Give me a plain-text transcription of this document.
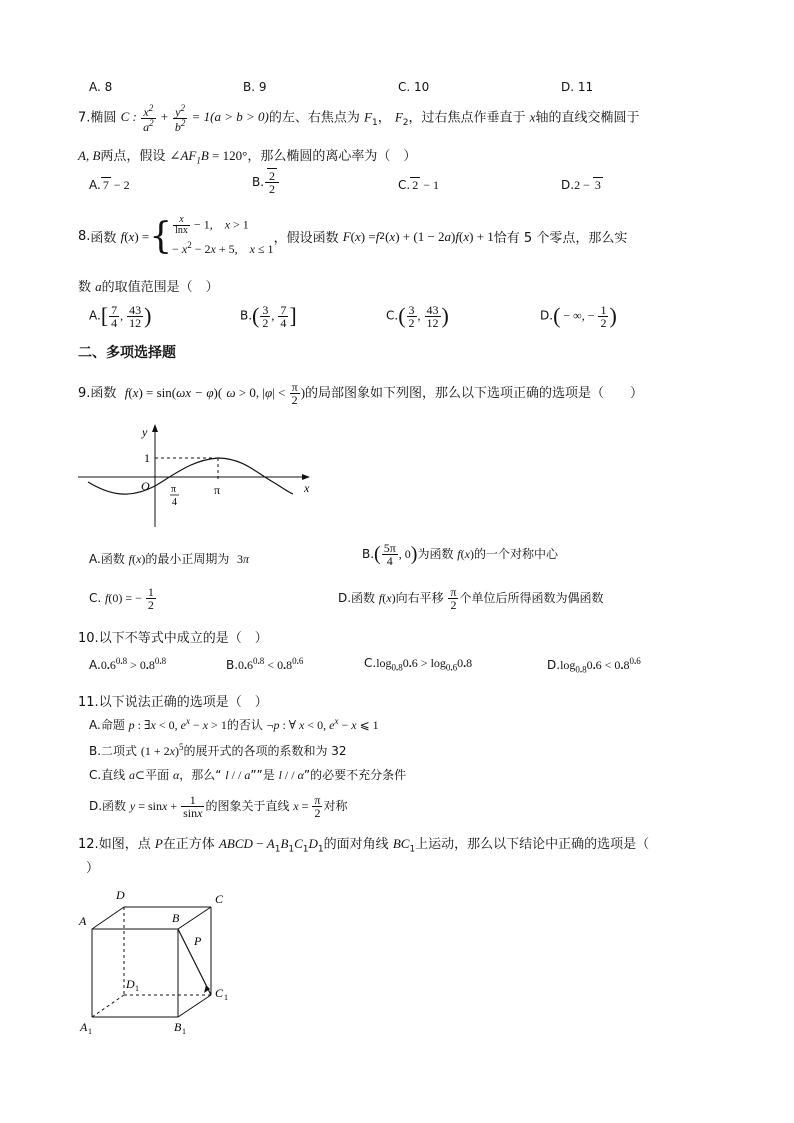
A. 8	B. 9	C. 10	D. 11
7.椭圆 C : $\frac{x^2}{a^2} + \frac{y^2}{b^2} = 1(a > b > 0)$的左、右焦点为 $F_1$， $F_2$，过右焦点作垂直于 x轴的直线交椭圆于
A, B两点，假设 $\angle AF_1B = 120^\circ$，那么椭圆的离心率为（　）
A. 7 − 2	B. $\frac{2}{2}$	C. 2 − 1	D.2 − 3
8. 函数
f ( x ) = { $\frac{x}{\ln x} - 1$,    x > 1
− $x^2 - 2x + 5$,    x ≤ 1
，假设函数
F ( x ) = f 2 ( x ) + (1 − 2 a ) f ( x ) + 1 恰有 5 个零点，那么实
数 a的取值范围是（　）
$A.[ \frac{7}{4}$ , $\frac{43}{12}$ )	$B.( \frac{3}{2}$ , $\frac{7}{4}$ ]	$C.( \frac{3}{2}$ , $\frac{43}{12}$ )	D.( − ∞, − $\frac{1}{2}$ )
二、多项选择题
9.函数 f(x) = sin(ωx − φ)( ω > 0, $|\varphi| < \frac{\pi}{2}$ )的局部图象如下列图，那么以下选项正确的选项是（　　）
y
1
O π
4
π	x
A.函数 f(x)的最小正周期为 3π	$B.( \frac{5\pi}{4}$ , 0)为函数 f(x)的一个对称中心
C. f(0) = − $\frac{1}{2}$	D.函数 f(x)向右平移 $\frac{\pi}{2}$ 个单位后所得函数为偶函数
10.以下不等式中成立的是（　）
$A.0.6^{0.8} > 0.8^{0.8}$	$B.0.6^{0.8} < 0.8^{0.6}$	$C.\log_{0.8}0.6 > \log_{0.6}0.8$	$D.\log_{0.8}0.6 < 0.8^{0.6}$
11.以下说法正确的选项是（　）
A.命题 p : ∃x < 0, $e^x - x > 1$的否认 ¬p : ∀ x < 0, $e^x - x$ ⩽ 1
B.二项式 $(1 + 2x)^5$的展开式的各项的系数和为 32
C.直线 a⊂平面 α，那么“ l / / a””是 l / / α”的必要不充分条件
D.函数 $y = \sin x + \frac{1}{\sin x}$ 的图象关于直线 $x = \frac{\pi}{2}$ 对称
12.如图，点 P在正方体 ABCD − $A_1B_1C_1D_1$的面对角线 $BC_1$上运动，那么以下结论中正确的选项是（
）
A	B
C
D
P
D 1	C 1
A 1	B 1
